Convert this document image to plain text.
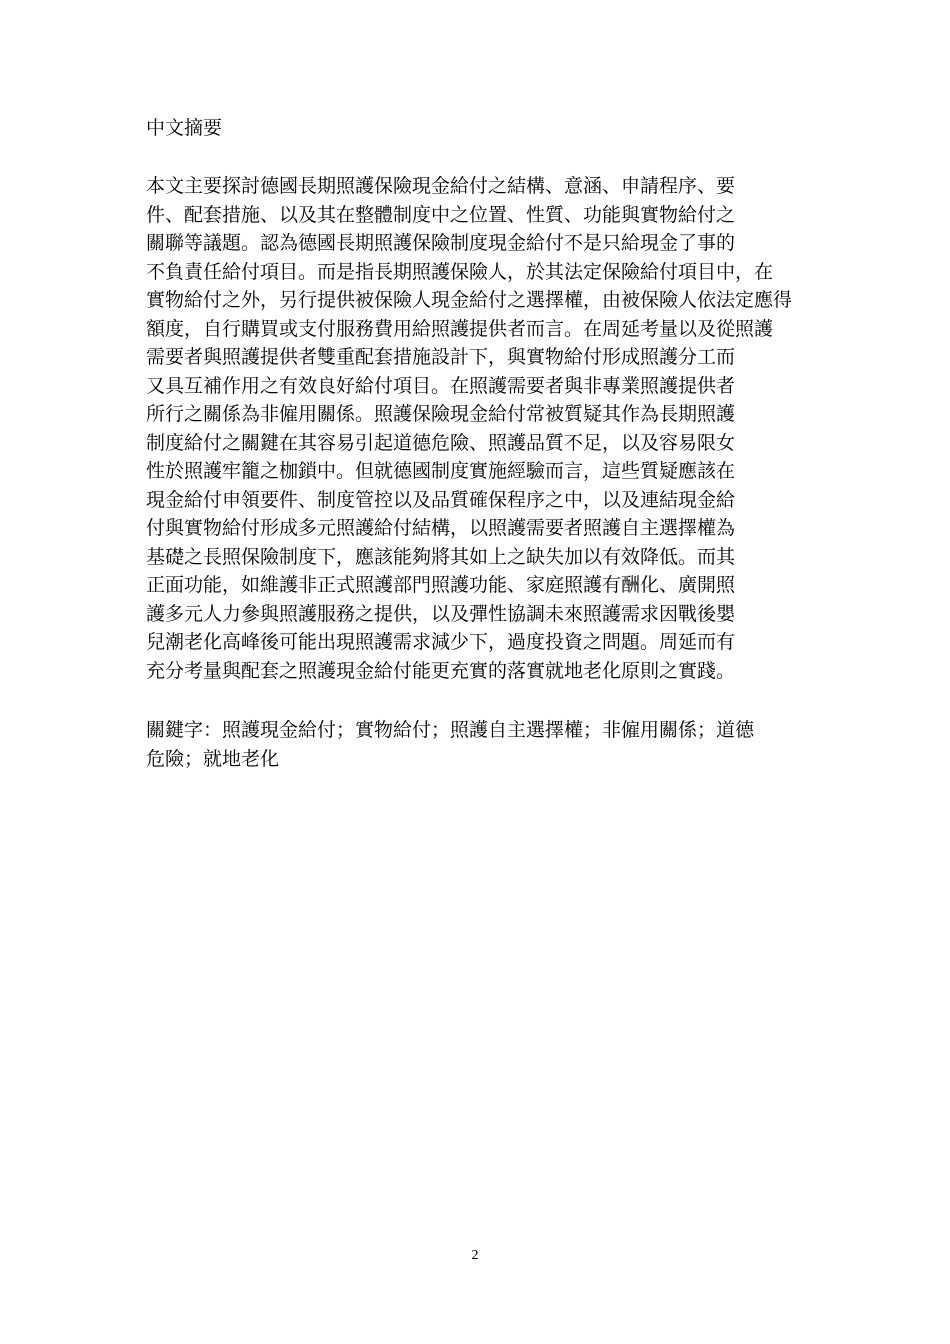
中文摘要
本文主要探討德國長期照護保險現金給付之結構、意涵、申請程序、要
件、配套措施、以及其在整體制度中之位置、性質、功能與實物給付之
關聯等議題。認為德國長期照護保險制度現金給付不是只給現金了事的
不負責任給付項目。而是指長期照護保險人，於其法定保險給付項目中，在
實物給付之外，另行提供被保險人現金給付之選擇權，由被保險人依法定應得
額度，自行購買或支付服務費用給照護提供者而言。在周延考量以及從照護
需要者與照護提供者雙重配套措施設計下，與實物給付形成照護分工而
又具互補作用之有效良好給付項目。在照護需要者與非專業照護提供者
所行之關係為非僱用關係。照護保險現金給付常被質疑其作為長期照護
制度給付之關鍵在其容易引起道德危險、照護品質不足，以及容易限女
性於照護牢籠之枷鎖中。但就德國制度實施經驗而言，這些質疑應該在
現金給付申領要件、制度管控以及品質確保程序之中，以及連結現金給
付與實物給付形成多元照護給付結構，以照護需要者照護自主選擇權為
基礎之長照保險制度下，應該能夠將其如上之缺失加以有效降低。而其
正面功能，如維護非正式照護部門照護功能、家庭照護有酬化、廣開照
護多元人力參與照護服務之提供，以及彈性協調未來照護需求因戰後嬰
兒潮老化高峰後可能出現照護需求減少下，過度投資之問題。周延而有
充分考量與配套之照護現金給付能更充實的落實就地老化原則之實踐。
關鍵字：照護現金給付；實物給付；照護自主選擇權；非僱用關係；道德
危險；就地老化
2
